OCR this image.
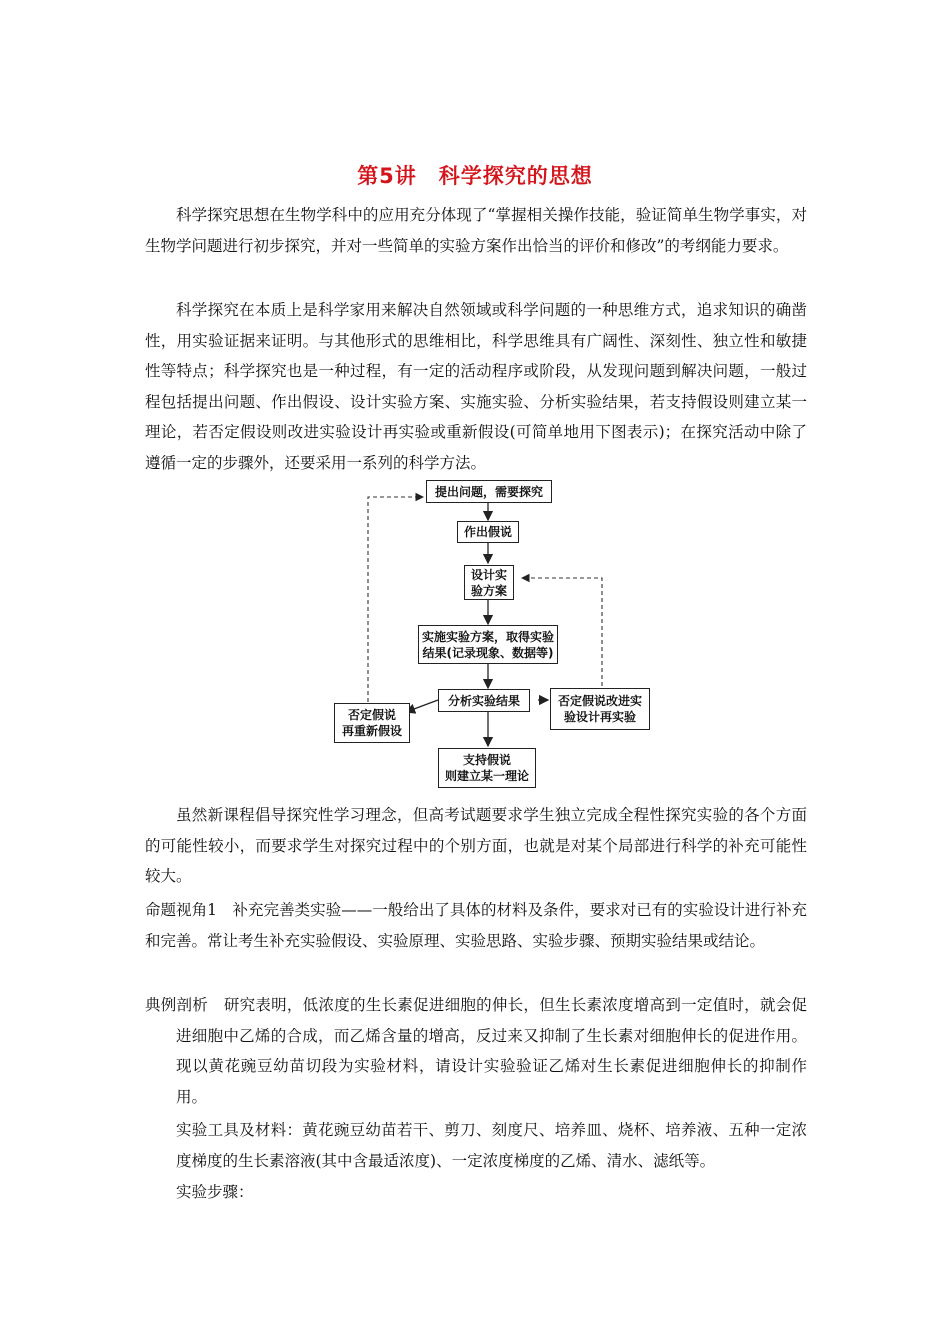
第5讲　科学探究的思想

科学探究思想在生物学科中的应用充分体现了“掌握相关操作技能，验证简单生物学事实，对生物学问题进行初步探究，并对一些简单的实验方案作出恰当的评价和修改”的考纲能力要求。

科学探究在本质上是科学家用来解决自然领域或科学问题的一种思维方式，追求知识的确凿性，用实验证据来证明。与其他形式的思维相比，科学思维具有广阔性、深刻性、独立性和敏捷性等特点；科学探究也是一种过程，有一定的活动程序或阶段，从发现问题到解决问题，一般过程包括提出问题、作出假设、设计实验方案、实施实验、分析实验结果，若支持假设则建立某一理论，若否定假设则改进实验设计再实验或重新假设(可简单地用下图表示)；在探究活动中除了遵循一定的步骤外，还要采用一系列的科学方法。

提出问题，需要探究
作出假说
设计实
验方案
实施实验方案，取得实验
结果(记录现象、数据等)
分析实验结果
否定假说
再重新假设
否定假说改进实
验设计再实验
支持假说
则建立某一理论

虽然新课程倡导探究性学习理念，但高考试题要求学生独立完成全程性探究实验的各个方面的可能性较小，而要求学生对探究过程中的个别方面，也就是对某个局部进行科学的补充可能性较大。

命题视角1　补充完善类实验——一般给出了具体的材料及条件，要求对已有的实验设计进行补充和完善。常让考生补充实验假设、实验原理、实验思路、实验步骤、预期实验结果或结论。

典例剖析　研究表明，低浓度的生长素促进细胞的伸长，但生长素浓度增高到一定值时，就会促进细胞中乙烯的合成，而乙烯含量的增高，反过来又抑制了生长素对细胞伸长的促进作用。现以黄花豌豆幼苗切段为实验材料，请设计实验验证乙烯对生长素促进细胞伸长的抑制作用。

实验工具及材料：黄花豌豆幼苗若干、剪刀、刻度尺、培养皿、烧杯、培养液、五种一定浓度梯度的生长素溶液(其中含最适浓度)、一定浓度梯度的乙烯、清水、滤纸等。

实验步骤：
